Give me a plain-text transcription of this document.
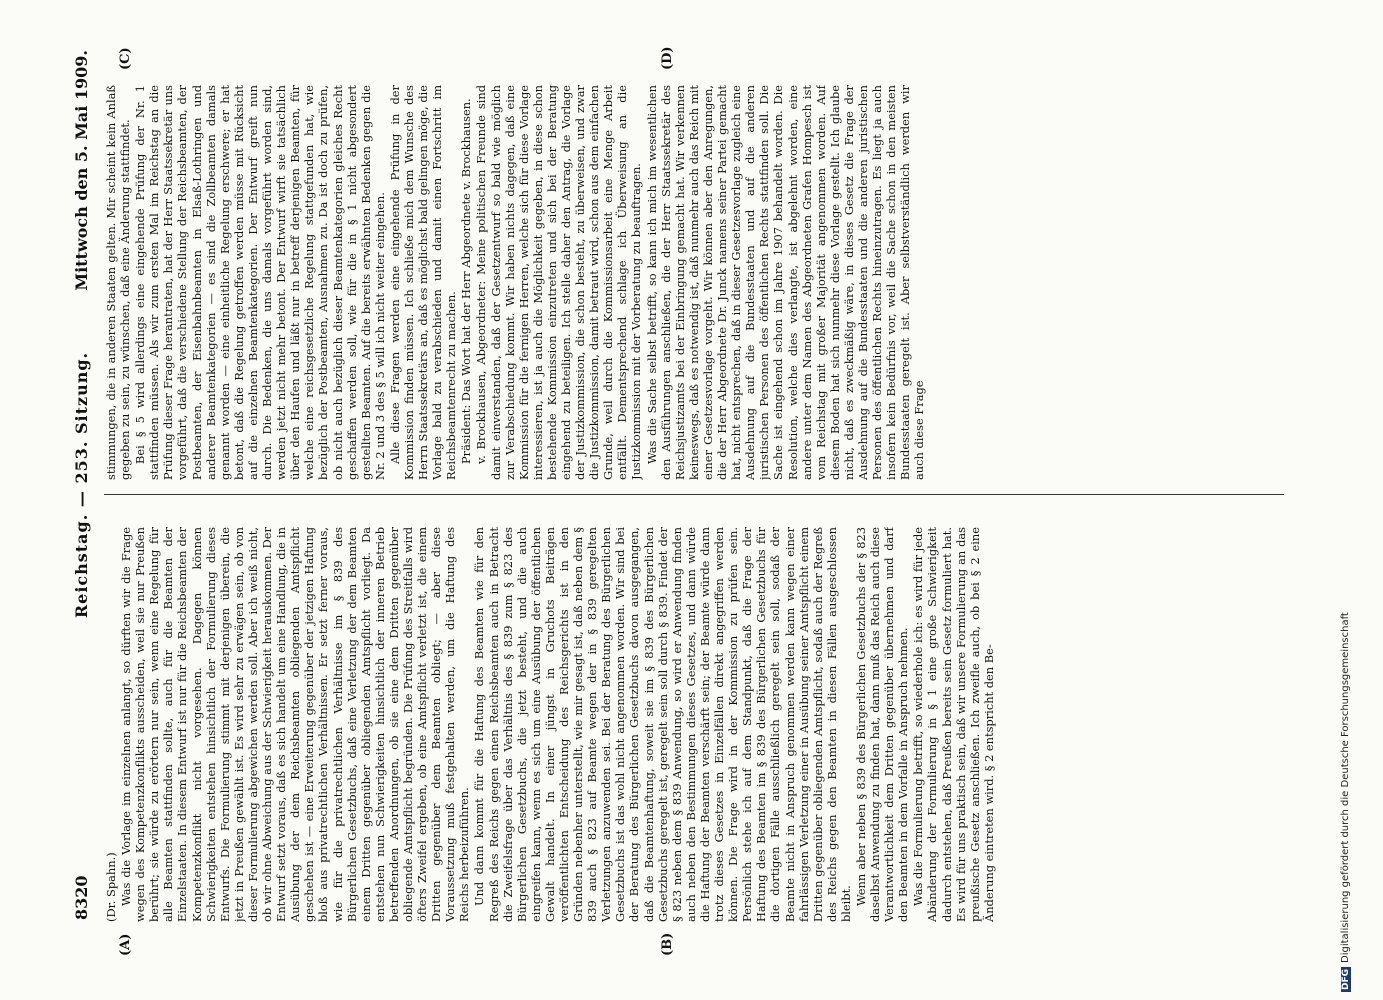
8320
Reichstag. — 253. Sitzung.
Mittwoch den 5. Mai 1909.
(A)	(B)
(C)	(D)

(Dr. Spahn.) Was die Vorlage im einzelnen anlangt, so dürften wir die Frage wegen des Kompetenzkonflikts ausscheiden, weil sie nur Preußen berührt; sie würde zu erörtern nur sein, wenn eine Regelung für alle Beamten stattfinden sollte, auch für die Beamten der Einzelstaaten. In diesem Entwurf ist nur für die Reichsbeamten der Kompetenzkonflikt nicht vorgesehen. Dagegen können Schwierigkeiten entstehen hinsichtlich der Formulierung dieses Entwurfs. Die Formulierung stimmt mit derjenigen überein, die jetzt in Preußen gewählt ist. Es wird sehr zu erwägen sein, ob von dieser Formulierung abgewichen werden soll. Aber ich weiß nicht, ob wir ohne Abweichung aus der Schwierigkeit herauskommen. Der Entwurf setzt voraus, daß es sich handelt um eine Handlung, die in Ausübung der dem Reichsbeamten obliegenden Amtspflicht geschehen ist — eine Erweiterung gegenüber der jetzigen Haftung bloß aus privatrechtlichen Verhältnissen. Er setzt ferner voraus, wie für die privatrechtlichen Verhältnisse im § 839 des Bürgerlichen Gesetzbuchs, daß eine Verletzung der dem Beamten einem Dritten gegenüber obliegenden Amtspflicht vorliegt. Da entstehen nun Schwierigkeiten hinsichtlich der inneren Betrieb betreffenden Anordnungen, ob sie eine dem Dritten gegenüber obliegende Amtspflicht begründen. Die Prüfung des Streitfalls wird öfters Zweifel ergeben, ob eine Amtspflicht verletzt ist, die einem Dritten gegenüber dem Beamten obliegt; — aber diese Voraussetzung muß festgehalten werden, um die Haftung des Reichs herbeizuführen. Und dann kommt für die Haftung des Beamten wie für den Regreß des Reichs gegen einen Reichsbeamten auch in Betracht die Zweifelsfrage über das Verhältnis des § 839 zum § 823 des Bürgerlichen Gesetzbuchs, die jetzt besteht, und die auch eingreifen kann, wenn es sich um eine Ausübung der öffentlichen Gewalt handelt. In einer jüngst in Gruchots Beiträgen veröffentlichten Entscheidung des Reichsgerichts ist in den Gründen nebenher unterstellt, wie mir gesagt ist, daß neben dem § 839 auch § 823 auf Beamte wegen der in § 839 geregelten Verletzungen anzuwenden sei. Bei der Beratung des Bürgerlichen Gesetzbuchs ist das wohl nicht angenommen worden. Wir sind bei der Beratung des Bürgerlichen Gesetzbuchs davon ausgegangen, daß die Beamtenhaftung, soweit sie im § 839 des Bürgerlichen Gesetzbuchs geregelt ist, geregelt sein soll durch § 839. Findet der § 823 neben dem § 839 Anwendung, so wird er Anwendung finden auch neben den Bestimmungen dieses Gesetzes, und dann würde die Haftung der Beamten verschärft sein; der Beamte würde dann trotz dieses Gesetzes in Einzelfällen direkt angegriffen werden können. Die Frage wird in der Kommission zu prüfen sein. Persönlich stehe ich auf dem Standpunkt, daß die Frage der Haftung des Beamten im § 839 des Bürgerlichen Gesetzbuchs für die dortigen Fälle ausschließlich geregelt sein soll, sodaß der Beamte nicht in Anspruch genommen werden kann wegen einer fahrlässigen Verletzung einer in Ausübung seiner Amtspflicht einem Dritten gegenüber obliegenden Amtspflicht, sodaß auch der Regreß des Reichs gegen den Beamten in diesen Fällen ausgeschlossen bleibt. Wenn aber neben § 839 des Bürgerlichen Gesetzbuchs der § 823 daselbst Anwendung zu finden hat, dann muß das Reich auch diese Verantwortlichkeit dem Dritten gegenüber übernehmen und darf den Beamten in dem Vorfalle in Anspruch nehmen. Was die Formulierung betrifft, so wiederhole ich: es wird für jede Abänderung der Formulierung in § 1 eine große Schwierigkeit dadurch entstehen, daß Preußen bereits sein Gesetz formuliert hat. Es wird für uns praktisch sein, daß wir unsere Formulierung an das preußische Gesetz anschließen. Ich zweifle auch, ob bei § 2 eine Änderung eintreten wird. § 2 entspricht den Be-

stimmungen, die in anderen Staaten gelten. Mir scheint kein Anlaß gegeben zu sein, zu wünschen, daß eine Änderung stattfindet. Bei § 5 wird allerdings eine eingehende Prüfung der Nr. 1 stattfinden müssen. Als wir zum ersten Mal im Reichstag an die Prüfung dieser Frage herantraten, hat der Herr Staatssekretär uns vorgeführt, daß die verschiedene Stellung der Reichsbeamten, der Postbeamten, der Eisenbahnbeamten in Elsaß-Lothringen und anderer Beamtenkategorien — es sind die Zollbeamten damals genannt worden — eine einheitliche Regelung erschwere; er hat betont, daß die Regelung getroffen werden müsse mit Rücksicht auf die einzelnen Beamtenkategorien. Der Entwurf greift nun durch. Die Bedenken, die uns damals vorgeführt worden sind, werden jetzt nicht mehr betont. Der Entwurf wirft sie tatsächlich über den Haufen und läßt nur in betreff derjenigen Beamten, für welche eine reichsgesetzliche Regelung stattgefunden hat, wie bezüglich der Postbeamten, Ausnahmen zu. Da ist doch zu prüfen, ob nicht auch bezüglich dieser Beamtenkategorien gleiches Recht geschaffen werden soll, wie für die in § 1 nicht abgesondert gestellten Beamten. Auf die bereits erwähnten Bedenken gegen die Nr. 2 und 3 des § 5 will ich nicht weiter eingehen. Alle diese Fragen werden eine eingehende Prüfung in der Kommission finden müssen. Ich schließe mich dem Wunsche des Herrn Staatssekretärs an, daß es möglichst bald gelingen möge, die Vorlage bald zu verabschieden und damit einen Fortschritt im Reichsbeamtenrecht zu machen. Präsident: Das Wort hat der Herr Abgeordnete v. Brockhausen. v. Brockhausen, Abgeordneter: Meine politischen Freunde sind damit einverstanden, daß der Gesetzentwurf so bald wie möglich zur Verabschiedung kommt. Wir haben nichts dagegen, daß eine Kommission für die fernigen Herren, welche sich für diese Vorlage interessieren, ist ja auch die Möglichkeit gegeben, in diese schon bestehende Kommission einzutreten und sich bei der Beratung eingehend zu beteiligen. Ich stelle daher den Antrag, die Vorlage der Justizkommission, die schon besteht, zu überweisen, und zwar die Justizkommission, damit betraut wird, schon aus dem einfachen Grunde, weil durch die Kommissionsarbeit eine Menge Arbeit entfällt. Dementsprechend schlage ich Überweisung an die Justizkommission mit der Vorberatung zu beauftragen. Was die Sache selbst betrifft, so kann ich mich im wesentlichen den Ausführungen anschließen, die der Herr Staatssekretär des Reichsjustizamts bei der Einbringung gemacht hat. Wir verkennen keineswegs, daß es notwendig ist, daß nunmehr auch das Reich mit einer Gesetzesvorlage vorgeht. Wir können aber den Anregungen, die der Herr Abgeordnete Dr. Junck namens seiner Partei gemacht hat, nicht entsprechen, daß in dieser Gesetzesvorlage zugleich eine Ausdehnung auf die Bundesstaaten und auf die anderen juristischen Personen des öffentlichen Rechts stattfinden soll. Die Sache ist eingehend schon im Jahre 1907 behandelt worden. Die Resolution, welche dies verlangte, ist abgelehnt worden, eine andere unter dem Namen des Abgeordneten Grafen Hompesch ist vom Reichstag mit großer Majorität angenommen worden. Auf diesem Boden hat sich nunmehr diese Vorlage gestellt. Ich glaube nicht, daß es zweckmäßig wäre, in dieses Gesetz die Frage der Ausdehnung auf die Bundesstaaten und die anderen juristischen Personen des öffentlichen Rechts hineinzutragen. Es liegt ja auch insofern kein Bedürfnis vor, weil die Sache schon in den meisten Bundesstaaten geregelt ist. Aber selbstverständlich werden wir auch diese Frage

DFGDigitalisierung gefördert durch die Deutsche Forschungsgemeinschaft
